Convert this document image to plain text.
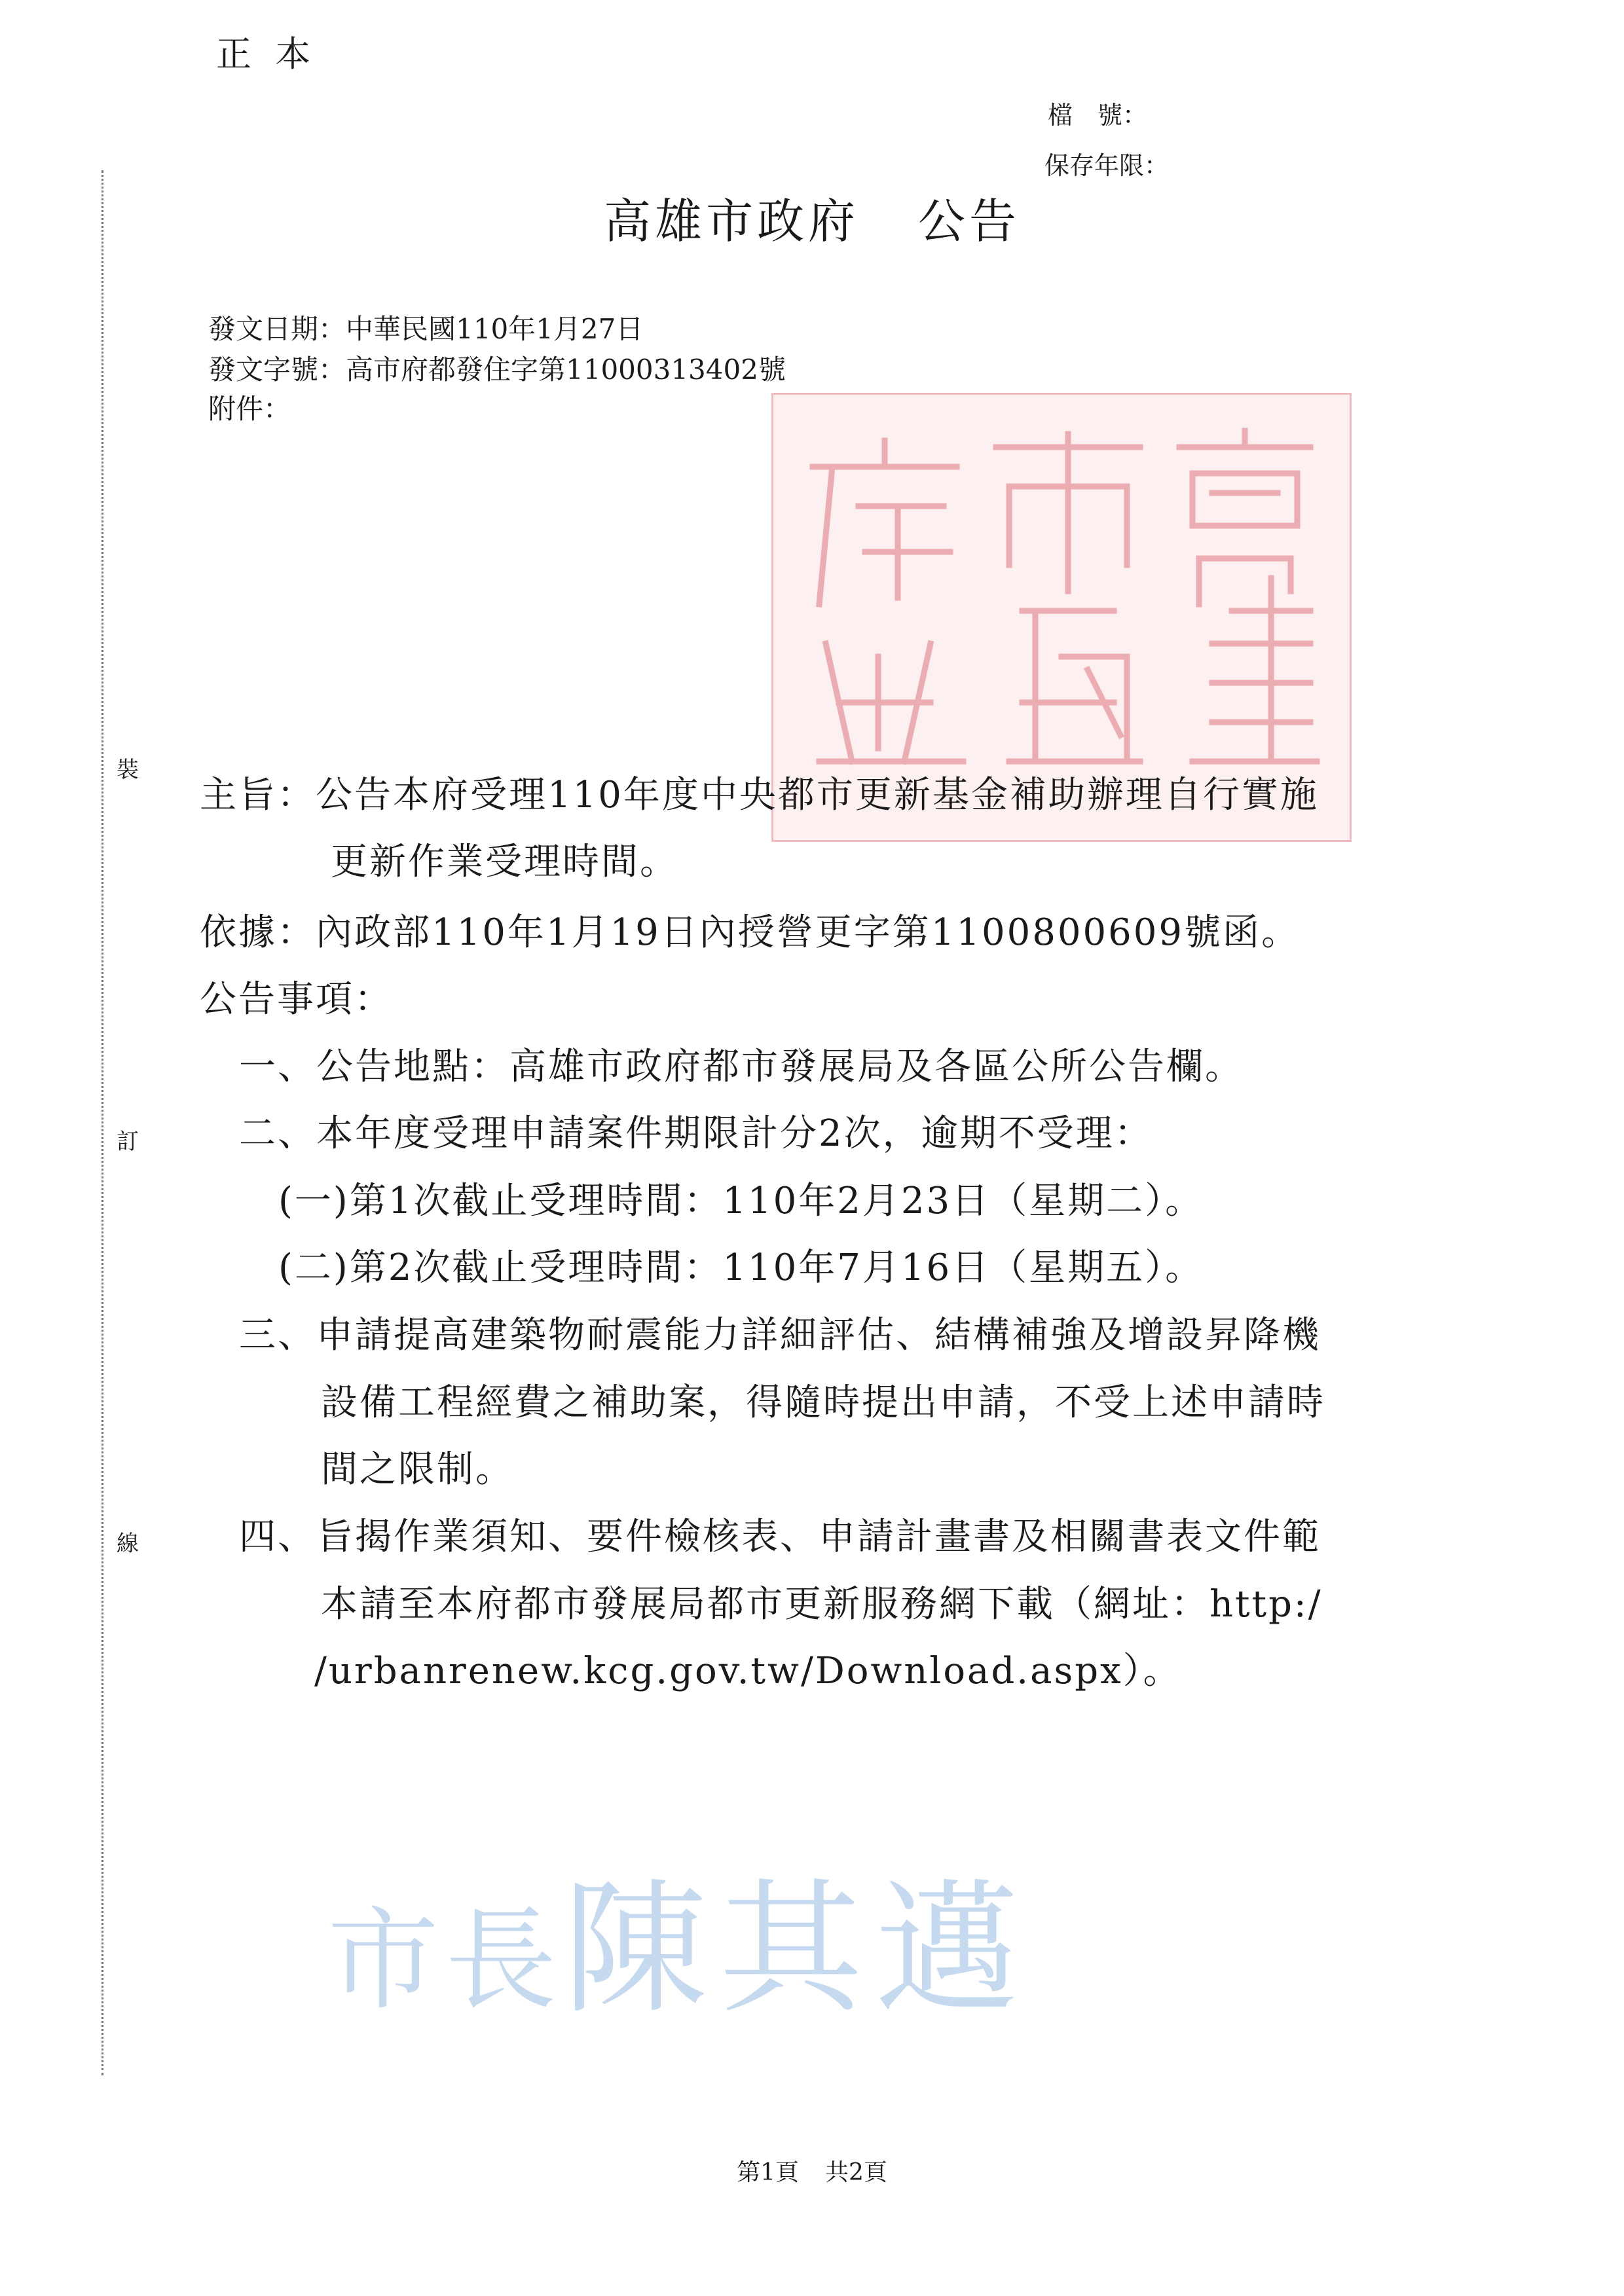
正本
檔　號：
保存年限：
高雄市政府 公告
發文日期：中華民國110年1月27日
發文字號：高市府都發住字第11000313402號
附件：
裝
訂
線
主旨：公告本府受理110年度中央都市更新基金補助辦理自行實施
更新作業受理時間。
依據：內政部110年1月19日內授營更字第1100800609號函。
公告事項：
一、公告地點：高雄市政府都市發展局及各區公所公告欄。
二、本年度受理申請案件期限計分2次，逾期不受理：
(一)第1次截止受理時間：110年2月23日（星期二）。
(二)第2次截止受理時間：110年7月16日（星期五）。
三、申請提高建築物耐震能力詳細評估、結構補強及增設昇降機
設備工程經費之補助案，得隨時提出申請，不受上述申請時
間之限制。
四、旨揭作業須知、要件檢核表、申請計畫書及相關書表文件範
本請至本府都市發展局都市更新服務網下載（網址：http:/
/urbanrenew.kcg.gov.tw/Download.aspx）。
市長陳其邁
第1頁 共2頁
